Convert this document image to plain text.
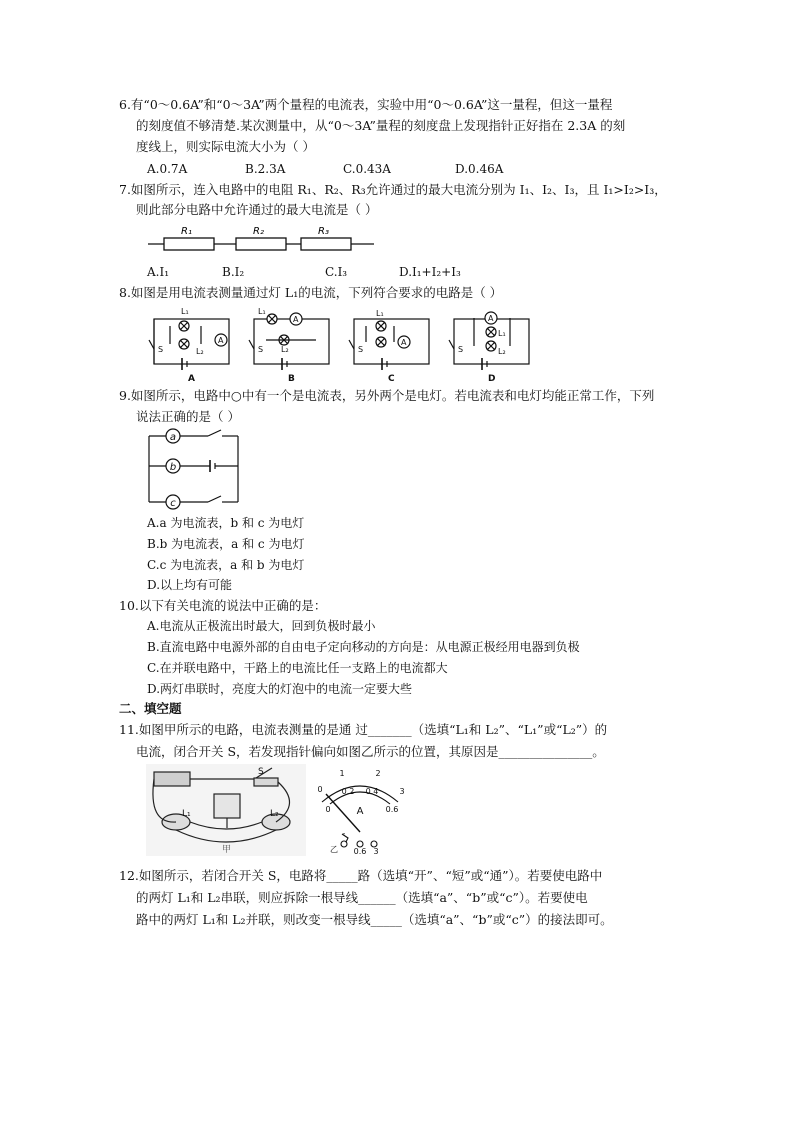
6.有“0～0.6A”和“0～3A”两个量程的电流表，实验中用“0～0.6A”这一量程，但这一量程
的刻度值不够清楚.某次测量中，从“0～3A”量程的刻度盘上发现指针正好指在 2.3A 的刻
度线上，则实际电流大小为（ ）
A.0.7A	B.2.3A	C.0.43A	D.0.46A
7.如图所示，连入电路中的电阻 R₁、R₂、R₃允许通过的最大电流分别为 I₁、I₂、I₃，且 I₁>I₂>I₃，
则此部分电路中允许通过的最大电流是（ ）
R₁	R₂	R₃
A.I₁	B.I₂	C.I₃	D.I₁+I₂+I₃
8.如图是用电流表测量通过灯 L₁的电流，下列符合要求的电路是（ ）
L₁
L₂
S
A
L₁
L₂
S
A
L₁
S
A
L₁
L₂
S
A
A	B	C	D
9.如图所示，电路中○中有一个是电流表，另外两个是电灯。若电流表和电灯均能正常工作，下列
说法正确的是（ ）
a
b
c
A.a 为电流表，b 和 c 为电灯
B.b 为电流表，a 和 c 为电灯
C.c 为电流表，a 和 b 为电灯
D.以上均有可能
10.以下有关电流的说法中正确的是：
A.电流从正极流出时最大，回到负极时最小
B.直流电路中电源外部的自由电子定向移动的方向是：从电源正极经用电器到负极
C.在并联电路中，干路上的电流比任一支路上的电流都大
D.两灯串联时，亮度大的灯泡中的电流一定要大些
二、填空题
11.如图甲所示的电路，电流表测量的是通 过_______（选填“L₁和 L₂”、“L₁”或“L₂”）的
电流，闭合开关 S，若发现指针偏向如图乙所示的位置，其原因是_______________。
S
L₁	L₂
甲
0
1	2
3
0
0.2 0.4
0.6
A
-
0.6 3
乙
12.如图所示，若闭合开关 S，电路将_____路（选填“开”、“短”或“通”）。若要使电路中
的两灯 L₁和 L₂串联，则应拆除一根导线______（选填“a”、“b”或“c”）。若要使电
路中的两灯 L₁和 L₂并联，则改变一根导线_____（选填“a”、“b”或“c”）的接法即可。
